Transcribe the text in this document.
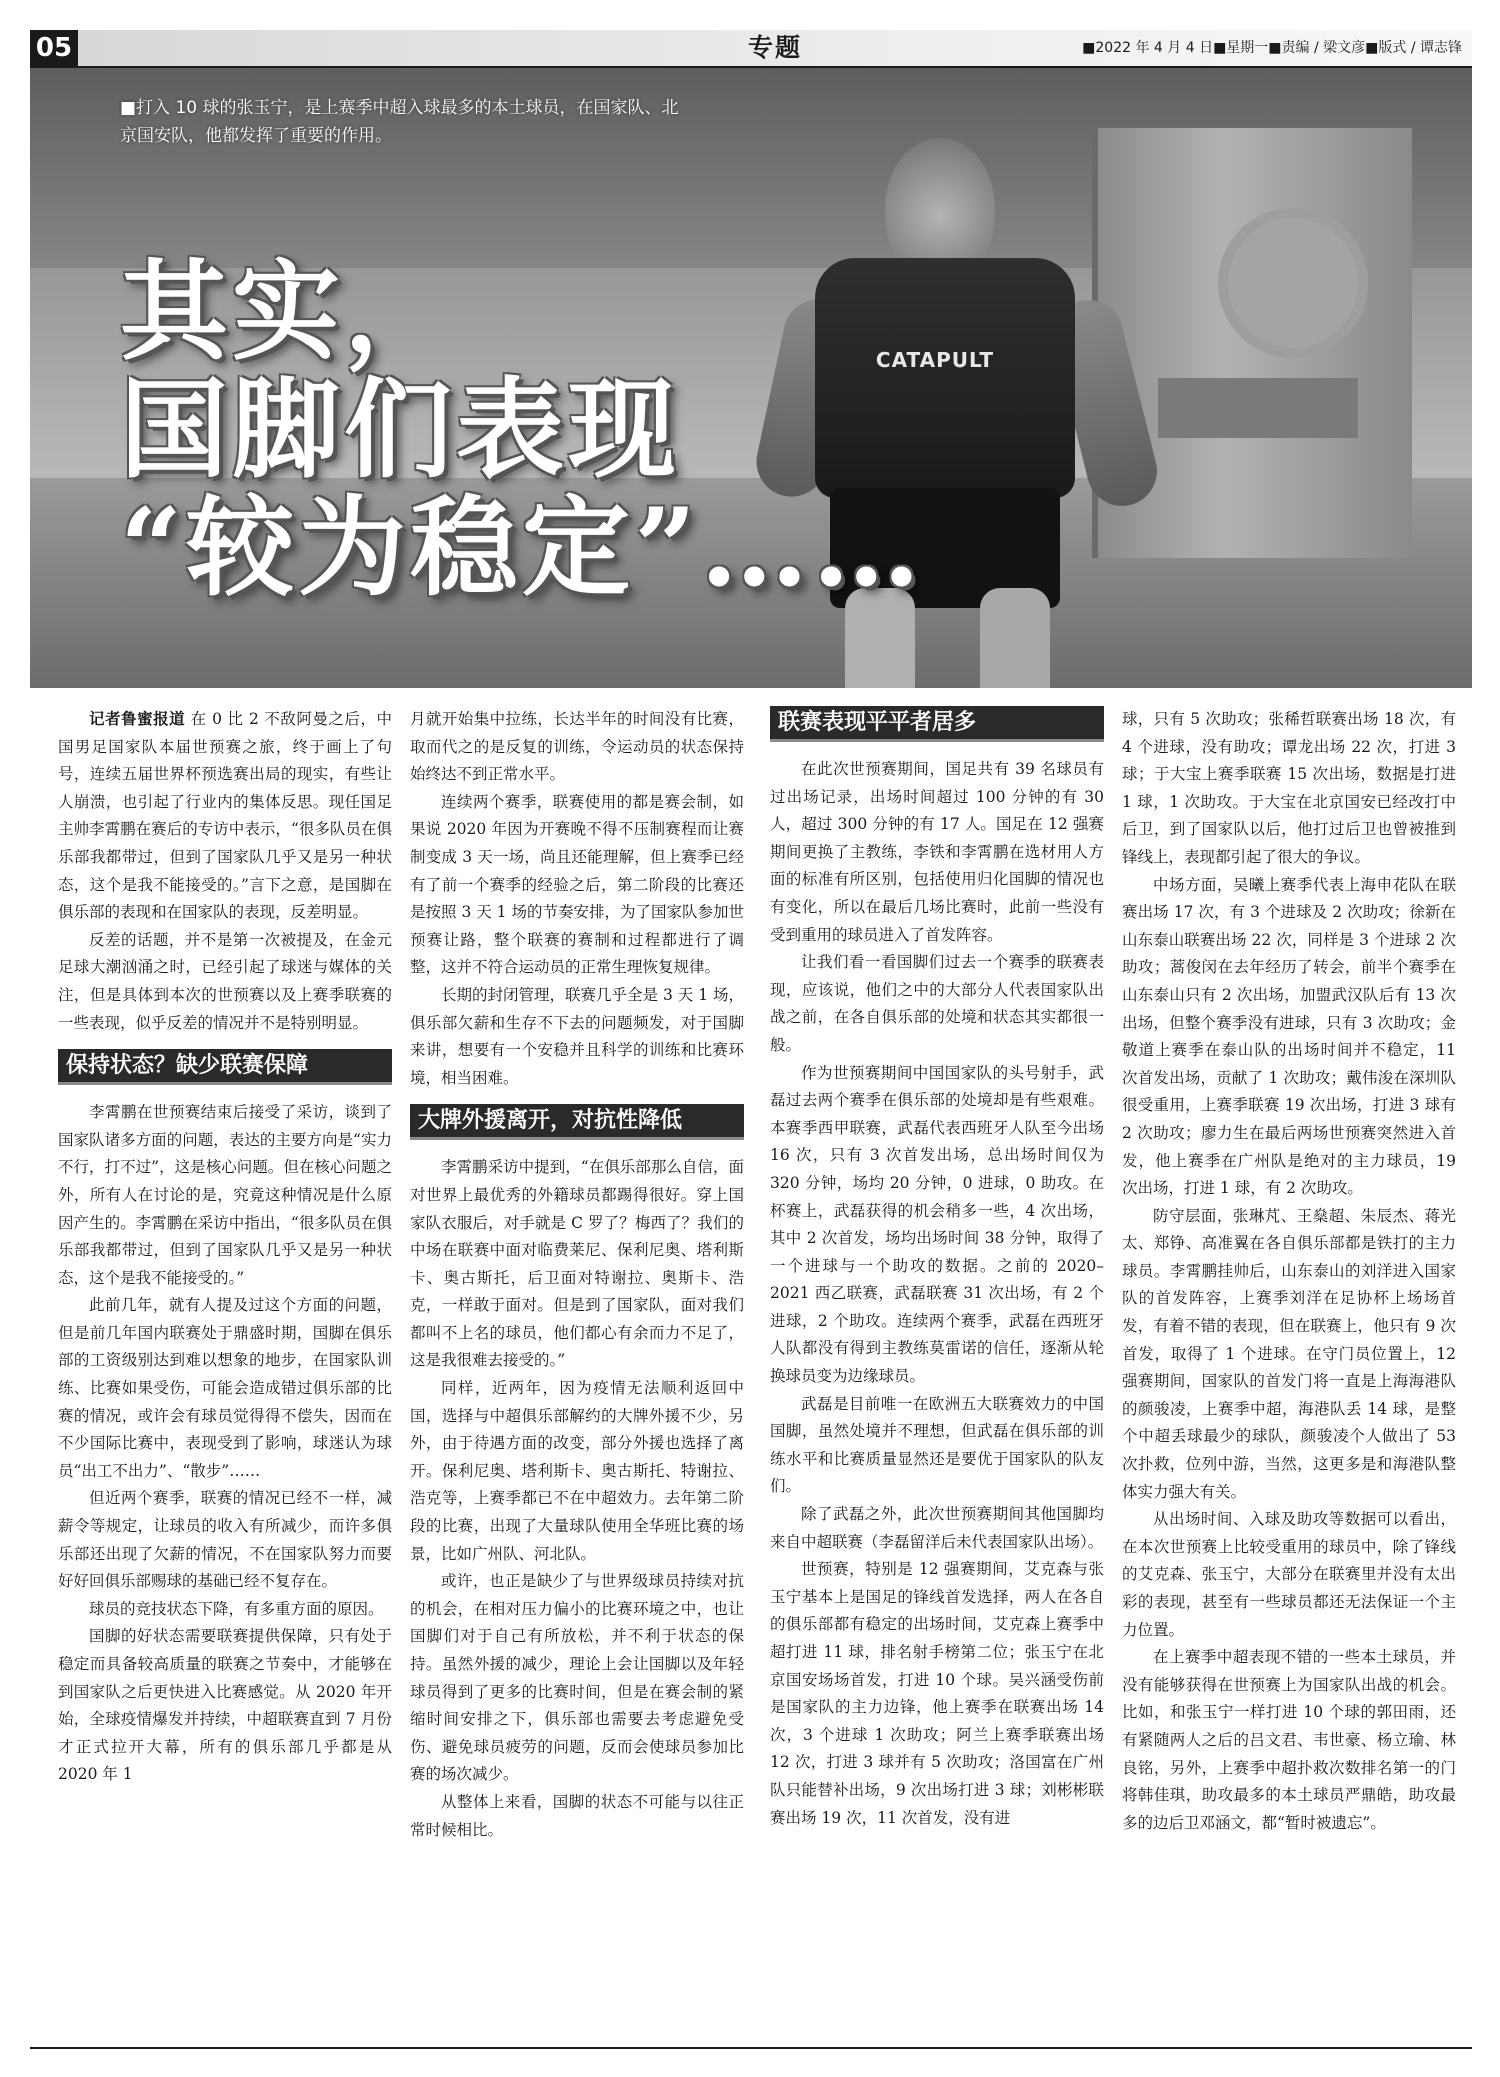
05	专题	■2022 年 4 月 4 日■星期一■责编 / 梁文彦■版式 / 谭志锋
CATAPULT
■打入 10 球的张玉宁，是上赛季中超入球最多的本土球员，在国家队、北京国安队，他都发挥了重要的作用。
其实，
国脚们表现
“较为稳定”……

记者鲁蜜报道 在 0 比 2 不敌阿曼之后，中国男足国家队本届世预赛之旅，终于画上了句号，连续五届世界杯预选赛出局的现实，有些让人崩溃，也引起了行业内的集体反思。现任国足主帅李霄鹏在赛后的专访中表示，“很多队员在俱乐部我都带过，但到了国家队几乎又是另一种状态，这个是我不能接受的。”言下之意，是国脚在俱乐部的表现和在国家队的表现，反差明显。

反差的话题，并不是第一次被提及，在金元足球大潮汹涌之时，已经引起了球迷与媒体的关注，但是具体到本次的世预赛以及上赛季联赛的一些表现，似乎反差的情况并不是特别明显。

保持状态？缺少联赛保障

李霄鹏在世预赛结束后接受了采访，谈到了国家队诸多方面的问题，表达的主要方向是“实力不行，打不过”，这是核心问题。但在核心问题之外，所有人在讨论的是，究竟这种情况是什么原因产生的。李霄鹏在采访中指出，“很多队员在俱乐部我都带过，但到了国家队几乎又是另一种状态，这个是我不能接受的。”

此前几年，就有人提及过这个方面的问题，但是前几年国内联赛处于鼎盛时期，国脚在俱乐部的工资级别达到难以想象的地步，在国家队训练、比赛如果受伤，可能会造成错过俱乐部的比赛的情况，或许会有球员觉得得不偿失，因而在不少国际比赛中，表现受到了影响，球迷认为球员“出工不出力”、“散步”……

但近两个赛季，联赛的情况已经不一样，减薪令等规定，让球员的收入有所减少，而许多俱乐部还出现了欠薪的情况，不在国家队努力而要好好回俱乐部赐球的基础已经不复存在。

球员的竞技状态下降，有多重方面的原因。

国脚的好状态需要联赛提供保障，只有处于稳定而具备较高质量的联赛之节奏中，才能够在到国家队之后更快进入比赛感觉。从 2020 年开始，全球疫情爆发并持续，中超联赛直到 7 月份才正式拉开大幕，所有的俱乐部几乎都是从 2020 年 1

月就开始集中拉练，长达半年的时间没有比赛，取而代之的是反复的训练，令运动员的状态保持始终达不到正常水平。

连续两个赛季，联赛使用的都是赛会制，如果说 2020 年因为开赛晚不得不压制赛程而让赛制变成 3 天一场，尚且还能理解，但上赛季已经有了前一个赛季的经验之后，第二阶段的比赛还是按照 3 天 1 场的节奏安排，为了国家队参加世预赛让路，整个联赛的赛制和过程都进行了调整，这并不符合运动员的正常生理恢复规律。

长期的封闭管理，联赛几乎全是 3 天 1 场，俱乐部欠薪和生存不下去的问题频发，对于国脚来讲，想要有一个安稳并且科学的训练和比赛环境，相当困难。

大牌外援离开，对抗性降低

李霄鹏采访中提到，“在俱乐部那么自信，面对世界上最优秀的外籍球员都踢得很好。穿上国家队衣服后，对手就是 C 罗了？梅西了？我们的中场在联赛中面对临费莱尼、保利尼奥、塔利斯卡、奥古斯托，后卫面对特谢拉、奥斯卡、浩克，一样敢于面对。但是到了国家队，面对我们都叫不上名的球员，他们都心有余而力不足了，这是我很难去接受的。”

同样，近两年，因为疫情无法顺利返回中国，选择与中超俱乐部解约的大牌外援不少，另外，由于待遇方面的改变，部分外援也选择了离开。保利尼奥、塔利斯卡、奥古斯托、特谢拉、浩克等，上赛季都已不在中超效力。去年第二阶段的比赛，出现了大量球队使用全华班比赛的场景，比如广州队、河北队。

或许，也正是缺少了与世界级球员持续对抗的机会，在相对压力偏小的比赛环境之中，也让国脚们对于自己有所放松，并不利于状态的保持。虽然外援的减少，理论上会让国脚以及年轻球员得到了更多的比赛时间，但是在赛会制的紧缩时间安排之下，俱乐部也需要去考虑避免受伤、避免球员疲劳的问题，反而会使球员参加比赛的场次减少。

从整体上来看，国脚的状态不可能与以往正常时候相比。

联赛表现平平者居多

在此次世预赛期间，国足共有 39 名球员有过出场记录，出场时间超过 100 分钟的有 30 人，超过 300 分钟的有 17 人。国足在 12 强赛期间更换了主教练，李铁和李霄鹏在选材用人方面的标准有所区别，包括使用归化国脚的情况也有变化，所以在最后几场比赛时，此前一些没有受到重用的球员进入了首发阵容。

让我们看一看国脚们过去一个赛季的联赛表现，应该说，他们之中的大部分人代表国家队出战之前，在各自俱乐部的处境和状态其实都很一般。

作为世预赛期间中国国家队的头号射手，武磊过去两个赛季在俱乐部的处境却是有些艰难。本赛季西甲联赛，武磊代表西班牙人队至今出场 16 次，只有 3 次首发出场，总出场时间仅为 320 分钟，场均 20 分钟，0 进球，0 助攻。在杯赛上，武磊获得的机会稍多一些，4 次出场，其中 2 次首发，场均出场时间 38 分钟，取得了一个进球与一个助攻的数据。之前的 2020–2021 西乙联赛，武磊联赛 31 次出场，有 2 个进球，2 个助攻。连续两个赛季，武磊在西班牙人队都没有得到主教练莫雷诺的信任，逐渐从轮换球员变为边缘球员。

武磊是目前唯一在欧洲五大联赛效力的中国国脚，虽然处境并不理想，但武磊在俱乐部的训练水平和比赛质量显然还是要优于国家队的队友们。

除了武磊之外，此次世预赛期间其他国脚均来自中超联赛（李磊留洋后未代表国家队出场）。

世预赛，特别是 12 强赛期间，艾克森与张玉宁基本上是国足的锋线首发选择，两人在各自的俱乐部都有稳定的出场时间，艾克森上赛季中超打进 11 球，排名射手榜第二位；张玉宁在北京国安场场首发，打进 10 个球。吴兴涵受伤前是国家队的主力边锋，他上赛季在联赛出场 14 次，3 个进球 1 次助攻；阿兰上赛季联赛出场 12 次，打进 3 球并有 5 次助攻；洛国富在广州队只能替补出场，9 次出场打进 3 球；刘彬彬联赛出场 19 次，11 次首发，没有进

球，只有 5 次助攻；张稀哲联赛出场 18 次，有 4 个进球，没有助攻；谭龙出场 22 次，打进 3 球；于大宝上赛季联赛 15 次出场，数据是打进 1 球，1 次助攻。于大宝在北京国安已经改打中后卫，到了国家队以后，他打过后卫也曾被推到锋线上，表现都引起了很大的争议。

中场方面，吴曦上赛季代表上海申花队在联赛出场 17 次，有 3 个进球及 2 次助攻；徐新在山东泰山联赛出场 22 次，同样是 3 个进球 2 次助攻；蒿俊闵在去年经历了转会，前半个赛季在山东泰山只有 2 次出场，加盟武汉队后有 13 次出场，但整个赛季没有进球，只有 3 次助攻；金敬道上赛季在泰山队的出场时间并不稳定，11 次首发出场，贡献了 1 次助攻；戴伟浚在深圳队很受重用，上赛季联赛 19 次出场，打进 3 球有 2 次助攻；廖力生在最后两场世预赛突然进入首发，他上赛季在广州队是绝对的主力球员，19 次出场，打进 1 球，有 2 次助攻。

防守层面，张琳芃、王燊超、朱辰杰、蒋光太、郑铮、高准翼在各自俱乐部都是铁打的主力球员。李霄鹏挂帅后，山东泰山的刘洋进入国家队的首发阵容，上赛季刘洋在足协杯上场场首发，有着不错的表现，但在联赛上，他只有 9 次首发，取得了 1 个进球。在守门员位置上，12 强赛期间，国家队的首发门将一直是上海海港队的颜骏凌，上赛季中超，海港队丢 14 球，是整个中超丢球最少的球队，颜骏凌个人做出了 53 次扑救，位列中游，当然，这更多是和海港队整体实力强大有关。

从出场时间、入球及助攻等数据可以看出，在本次世预赛上比较受重用的球员中，除了锋线的艾克森、张玉宁，大部分在联赛里并没有太出彩的表现，甚至有一些球员都还无法保证一个主力位置。

在上赛季中超表现不错的一些本土球员，并没有能够获得在世预赛上为国家队出战的机会。比如，和张玉宁一样打进 10 个球的郭田雨，还有紧随两人之后的吕文君、韦世豪、杨立瑜、林良铭，另外，上赛季中超扑救次数排名第一的门将韩佳琪，助攻最多的本土球员严鼎皓，助攻最多的边后卫邓涵文，都“暂时被遗忘”。
